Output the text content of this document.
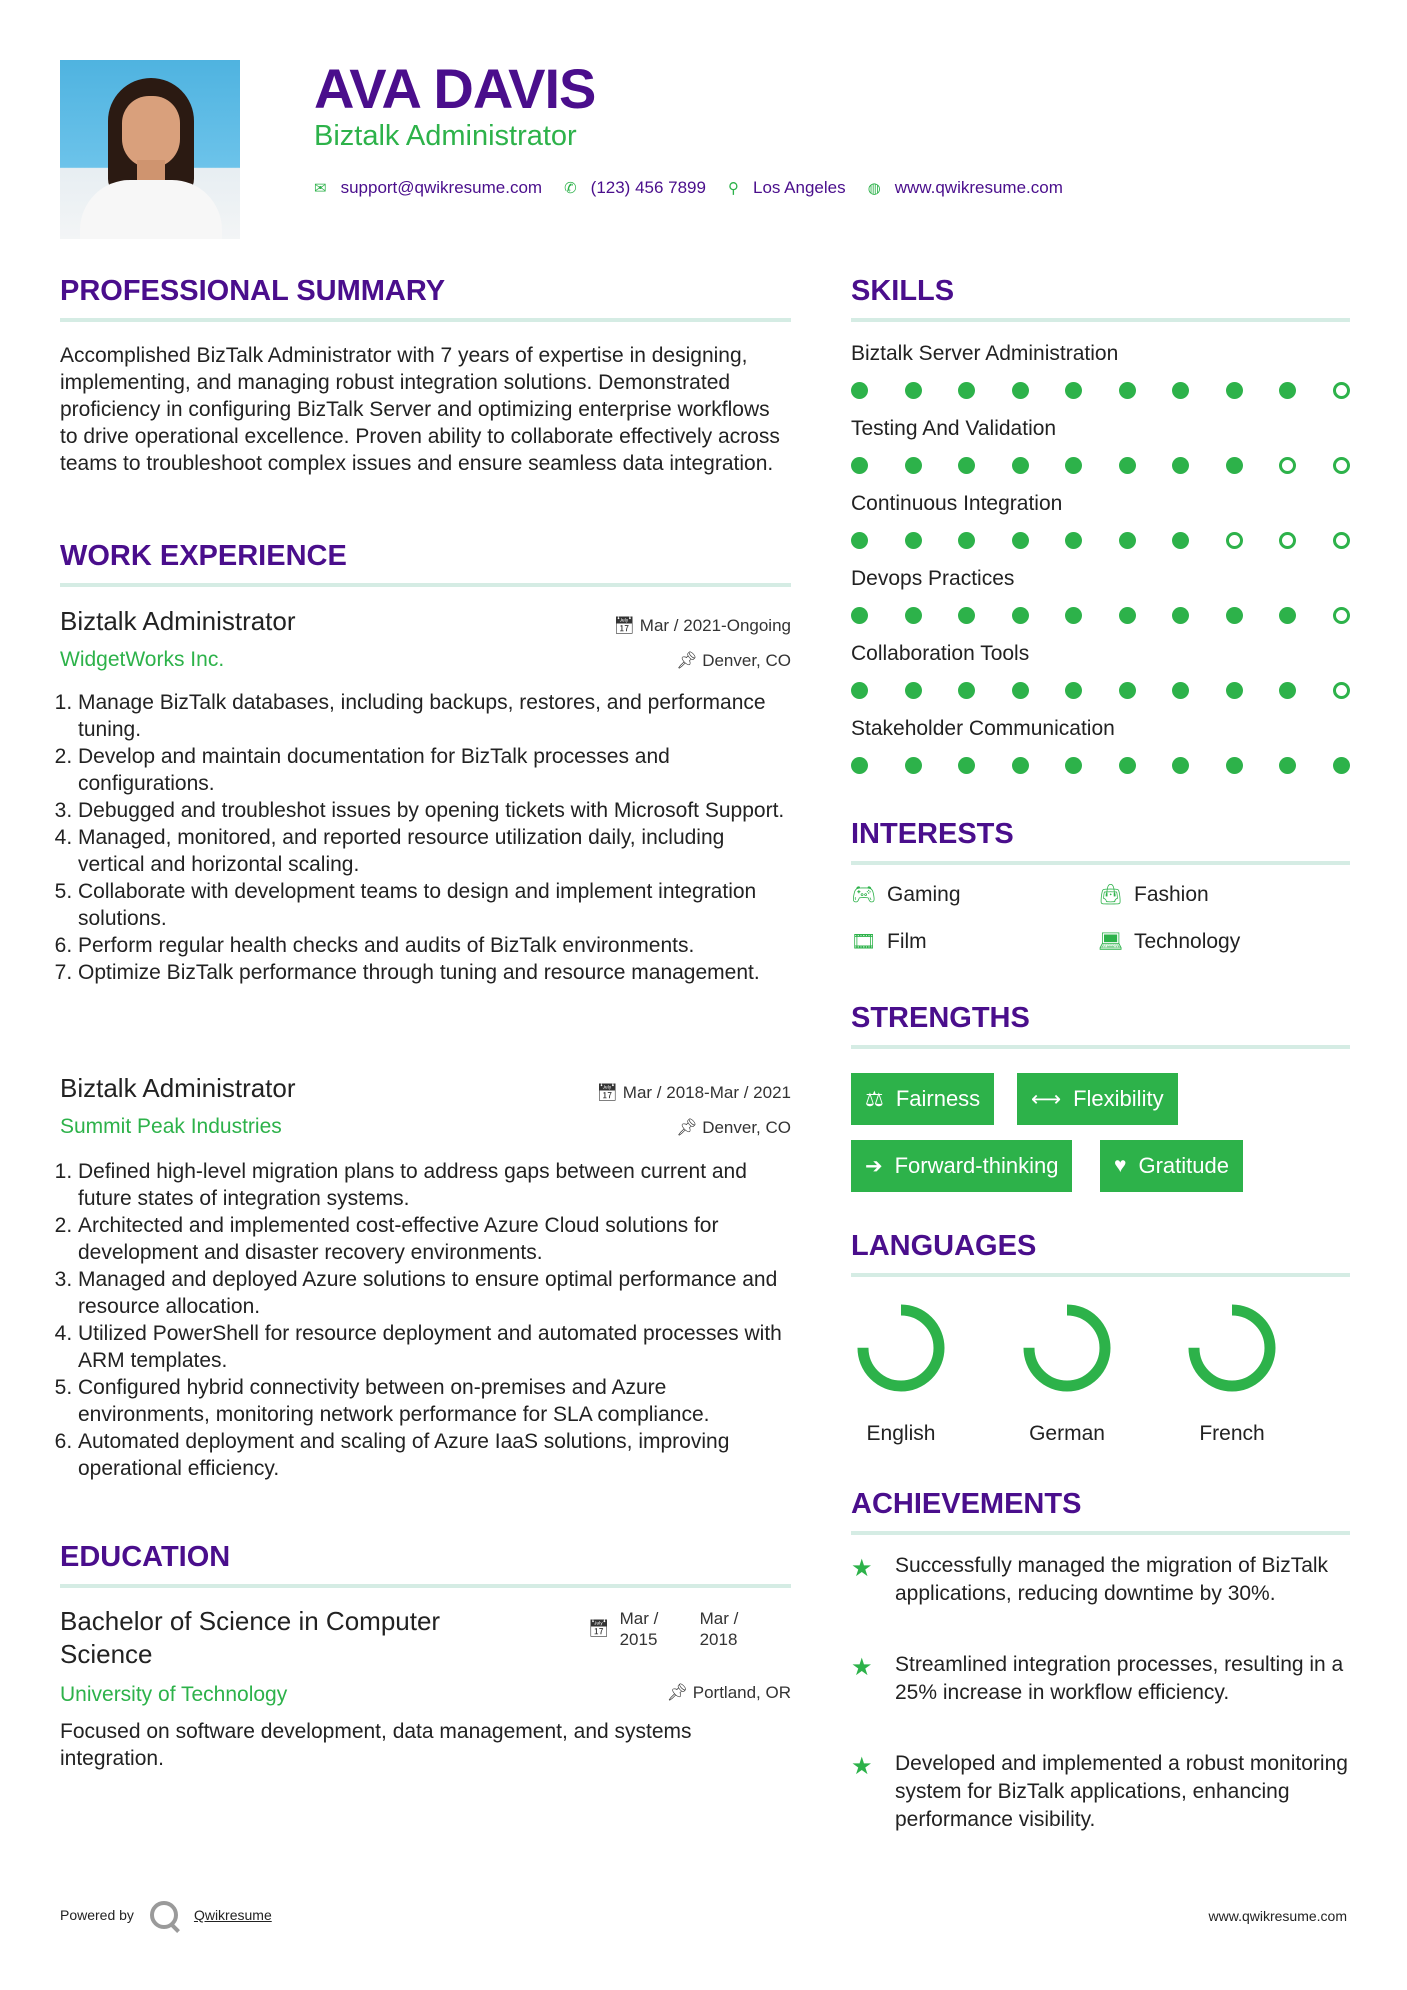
AVA DAVIS
Biztalk Administrator
✉ support@qwikresume.com ✆ (123) 456 7899 ⚲ Los Angeles ◍ www.qwikresume.com
PROFESSIONAL SUMMARY
Accomplished BizTalk Administrator with 7 years of expertise in designing, implementing, and managing robust integration solutions. Demonstrated proficiency in configuring BizTalk Server and optimizing enterprise workflows to drive operational excellence. Proven ability to collaborate effectively across teams to troubleshoot complex issues and ensure seamless data integration.
WORK EXPERIENCE
Biztalk Administrator	📅︎ Mar / 2021-Ongoing
WidgetWorks Inc.	📌︎ Denver, CO
1. Manage BizTalk databases, including backups, restores, and performance tuning.
2. Develop and maintain documentation for BizTalk processes and configurations.
3. Debugged and troubleshot issues by opening tickets with Microsoft Support.
4. Managed, monitored, and reported resource utilization daily, including vertical and horizontal scaling.
5. Collaborate with development teams to design and implement integration solutions.
6. Perform regular health checks and audits of BizTalk environments.
7. Optimize BizTalk performance through tuning and resource management.
Biztalk Administrator	📅︎ Mar / 2018-Mar / 2021
Summit Peak Industries	📌︎ Denver, CO
1. Defined high-level migration plans to address gaps between current and future states of integration systems.
2. Architected and implemented cost-effective Azure Cloud solutions for development and disaster recovery environments.
3. Managed and deployed Azure solutions to ensure optimal performance and resource allocation.
4. Utilized PowerShell for resource deployment and automated processes with ARM templates.
5. Configured hybrid connectivity between on-premises and Azure environments, monitoring network performance for SLA compliance.
6. Automated deployment and scaling of Azure IaaS solutions, improving operational efficiency.
EDUCATION
Bachelor of Science in Computer Science
📅︎
Mar /
2015
Mar /
2018
University of Technology	📌︎ Portland, OR
Focused on software development, data management, and systems integration.
SKILLS
Biztalk Server Administration
Testing And Validation
Continuous Integration
Devops Practices
Collaboration Tools
Stakeholder Communication
INTERESTS
🎮︎ Gaming	👜︎ Fashion
🎞︎ Film	💻︎ Technology
STRENGTHS
⚖ Fairness ⟷ Flexibility
➔ Forward-thinking	♥ Gratitude
LANGUAGES
English	German	French
ACHIEVEMENTS
★	Successfully managed the migration of BizTalk applications, reducing downtime by 30%.
★	Streamlined integration processes, resulting in a 25% increase in workflow efficiency.
★	Developed and implemented a robust monitoring system for BizTalk applications, enhancing performance visibility.
Powered by	Qwikresume	www.qwikresume.com
